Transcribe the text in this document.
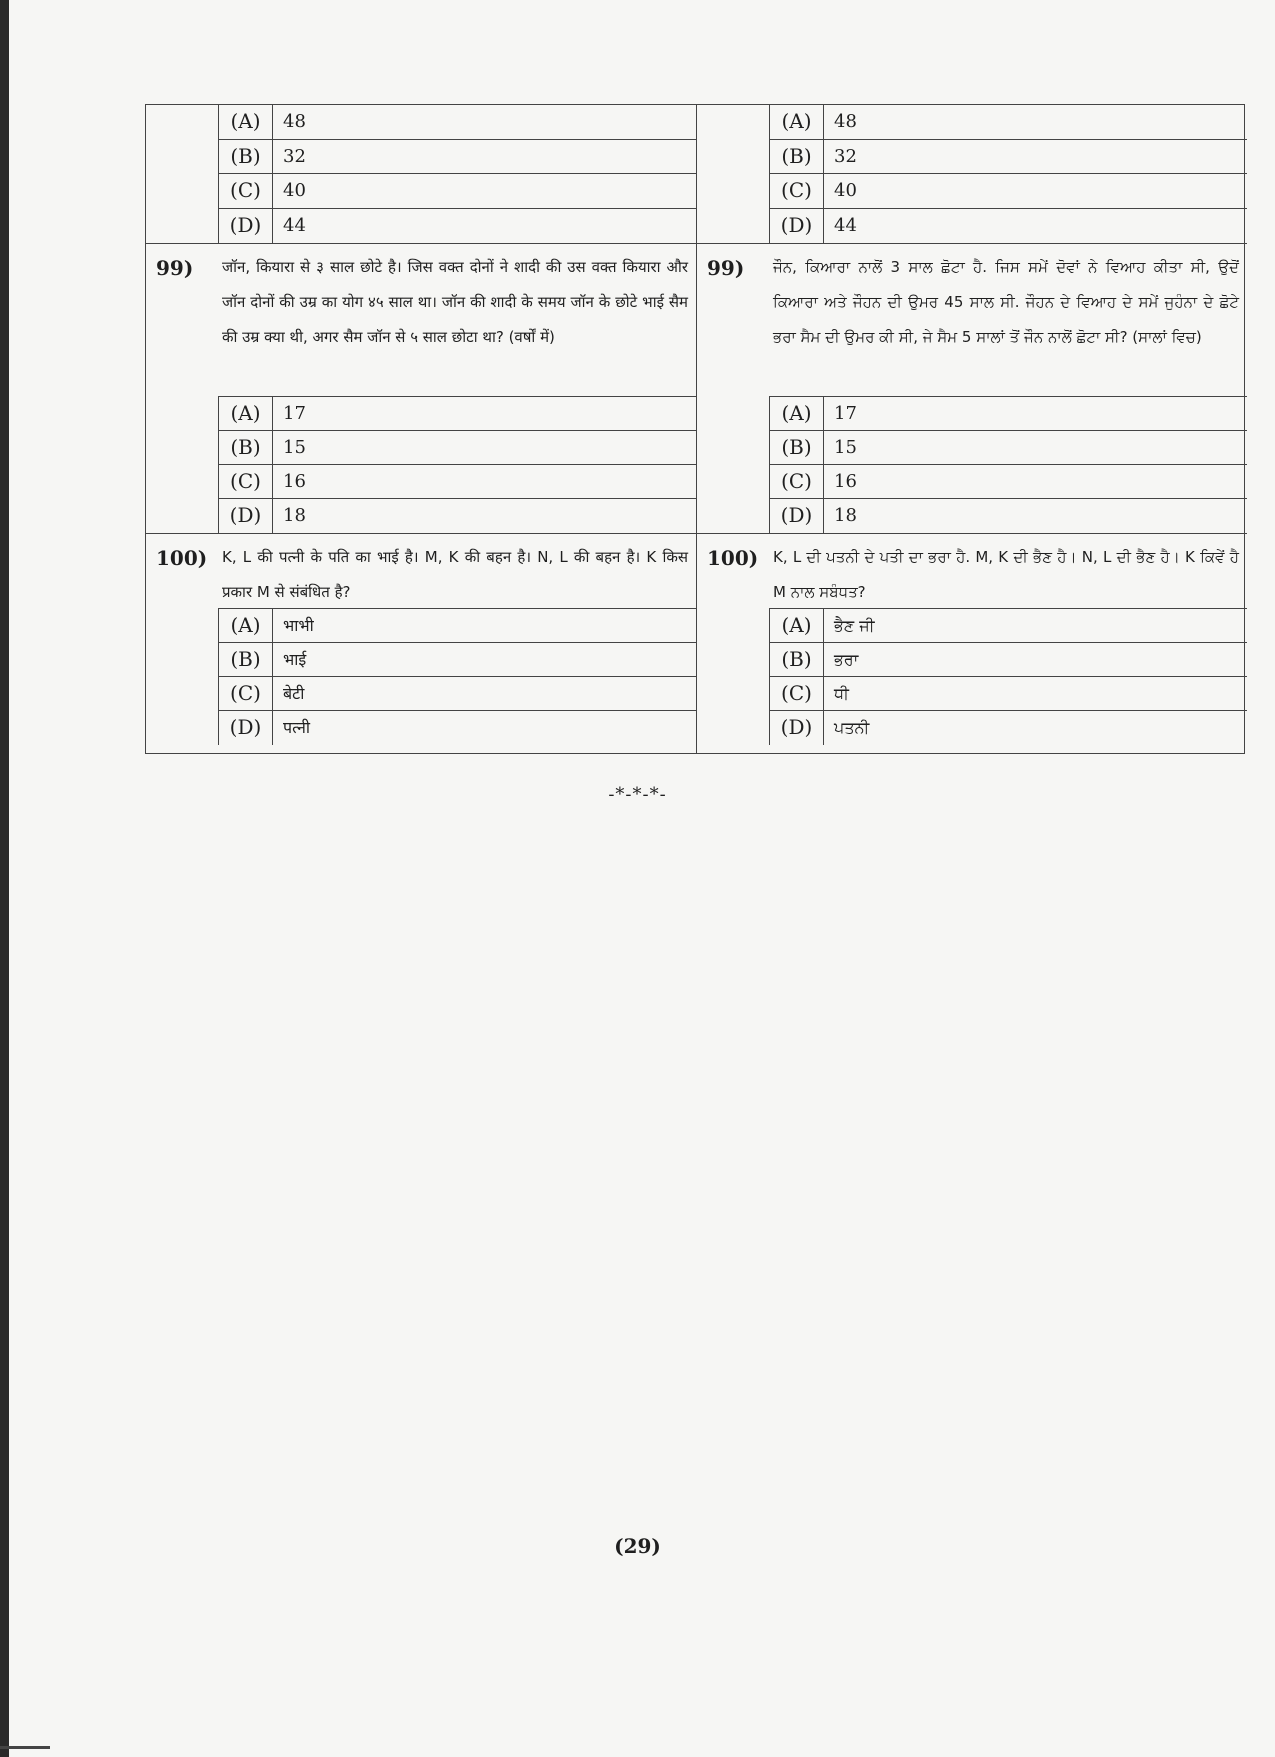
(A)	48
(B)	32
(C)	40
(D)	44
99) जॉन, कियारा से ३ साल छोटे है। जिस वक्त दोनों ने शादी की उस वक्त कियारा और जॉन दोनों की उम्र का योग ४५ साल था। जॉन की शादी के समय जॉन के छोटे भाई सैम की उम्र क्या थी, अगर सैम जॉन से ५ साल छोटा था? (वर्षों में)
(A)	17
(B)	15
(C)	16
(D)	18
100) K, L की पत्नी के पति का भाई है। M, K की बहन है। N, L की बहन है। K किस प्रकार M से संबंधित है?
(A)	भाभी
(B)	भाई
(C)	बेटी
(D)	पत्नी
(A)	48
(B)	32
(C)	40
(D)	44
99) ਜੌਨ, ਕਿਆਰਾ ਨਾਲੋਂ 3 ਸਾਲ ਛੋਟਾ ਹੈ. ਜਿਸ ਸਮੇਂ ਦੋਵਾਂ ਨੇ ਵਿਆਹ ਕੀਤਾ ਸੀ, ਉਦੋਂ ਕਿਆਰਾ ਅਤੇ ਜੌਹਨ ਦੀ ਉਮਰ 45 ਸਾਲ ਸੀ. ਜੌਹਨ ਦੇ ਵਿਆਹ ਦੇ ਸਮੇਂ ਜੁਹੰਨਾ ਦੇ ਛੋਟੇ ਭਰਾ ਸੈਮ ਦੀ ਉਮਰ ਕੀ ਸੀ, ਜੇ ਸੈਮ 5 ਸਾਲਾਂ ਤੋਂ ਜੌਨ ਨਾਲੋਂ ਛੋਟਾ ਸੀ? (ਸਾਲਾਂ ਵਿਚ)
(A)	17
(B)	15
(C)	16
(D)	18
100) K, L ਦੀ ਪਤਨੀ ਦੇ ਪਤੀ ਦਾ ਭਰਾ ਹੈ. M, K ਦੀ ਭੈਣ ਹੈ। N, L ਦੀ ਭੈਣ ਹੈ। K ਕਿਵੇਂ ਹੈ M ਨਾਲ ਸਬੰਧਤ?
(A)	ਭੈਣ ਜੀ
(B)	ਭਰਾ
(C)	ਧੀ
(D)	ਪਤਨੀ
-*-*-*-
(29)
